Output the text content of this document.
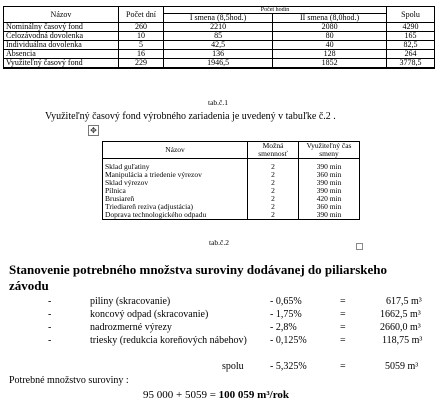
Názov	Počet dní	Počet hodín		Spolu
		I smena (8,5hod.)	II smena (8,0hod.)	
Nominálny časový fond	260	2210	2080	4290
Celozávodná dovolenka	10	85	80	165
Individuálna dovolenka	5	42,5	40	82,5
Absencia	16	136	128	264
Využiteľný časový fond	229	1946,5	1852	3778,5
tab.č.1
Využiteľný časový fond výrobného zariadenia je uvedený v tabuľke č.2 .
✥
Názov	Možná smennosť	Využiteľný čas smeny

Sklad guľatiny	2	390 min
Manipulácia a triedenie výrezov	2	360 min
Sklad výrezov	2	390 min
Pílnica	2	390 min
Brusiareň	2	420 min
Triediareň reziva (adjustácia)	2	360 min
Doprava technologického odpadu	2	390 min
tab.č.2
Stanovenie potrebného množstva suroviny dodávanej do piliarskeho závodu
-	piliny (skracovanie)	- 0,65%	=	617,5 m³
-	koncový odpad (skracovanie)	- 1,75%	=	1662,5 m³
-	nadrozmerné výrezy	- 2,8%	=	2660,0 m³
-	triesky (redukcia koreňových nábehov) - 0,125%	=	118,75 m³
spolu	- 5,325%	=	5059 m³
Potrebné množstvo suroviny :
95 000 + 5059 = 100 059 m³/rok
